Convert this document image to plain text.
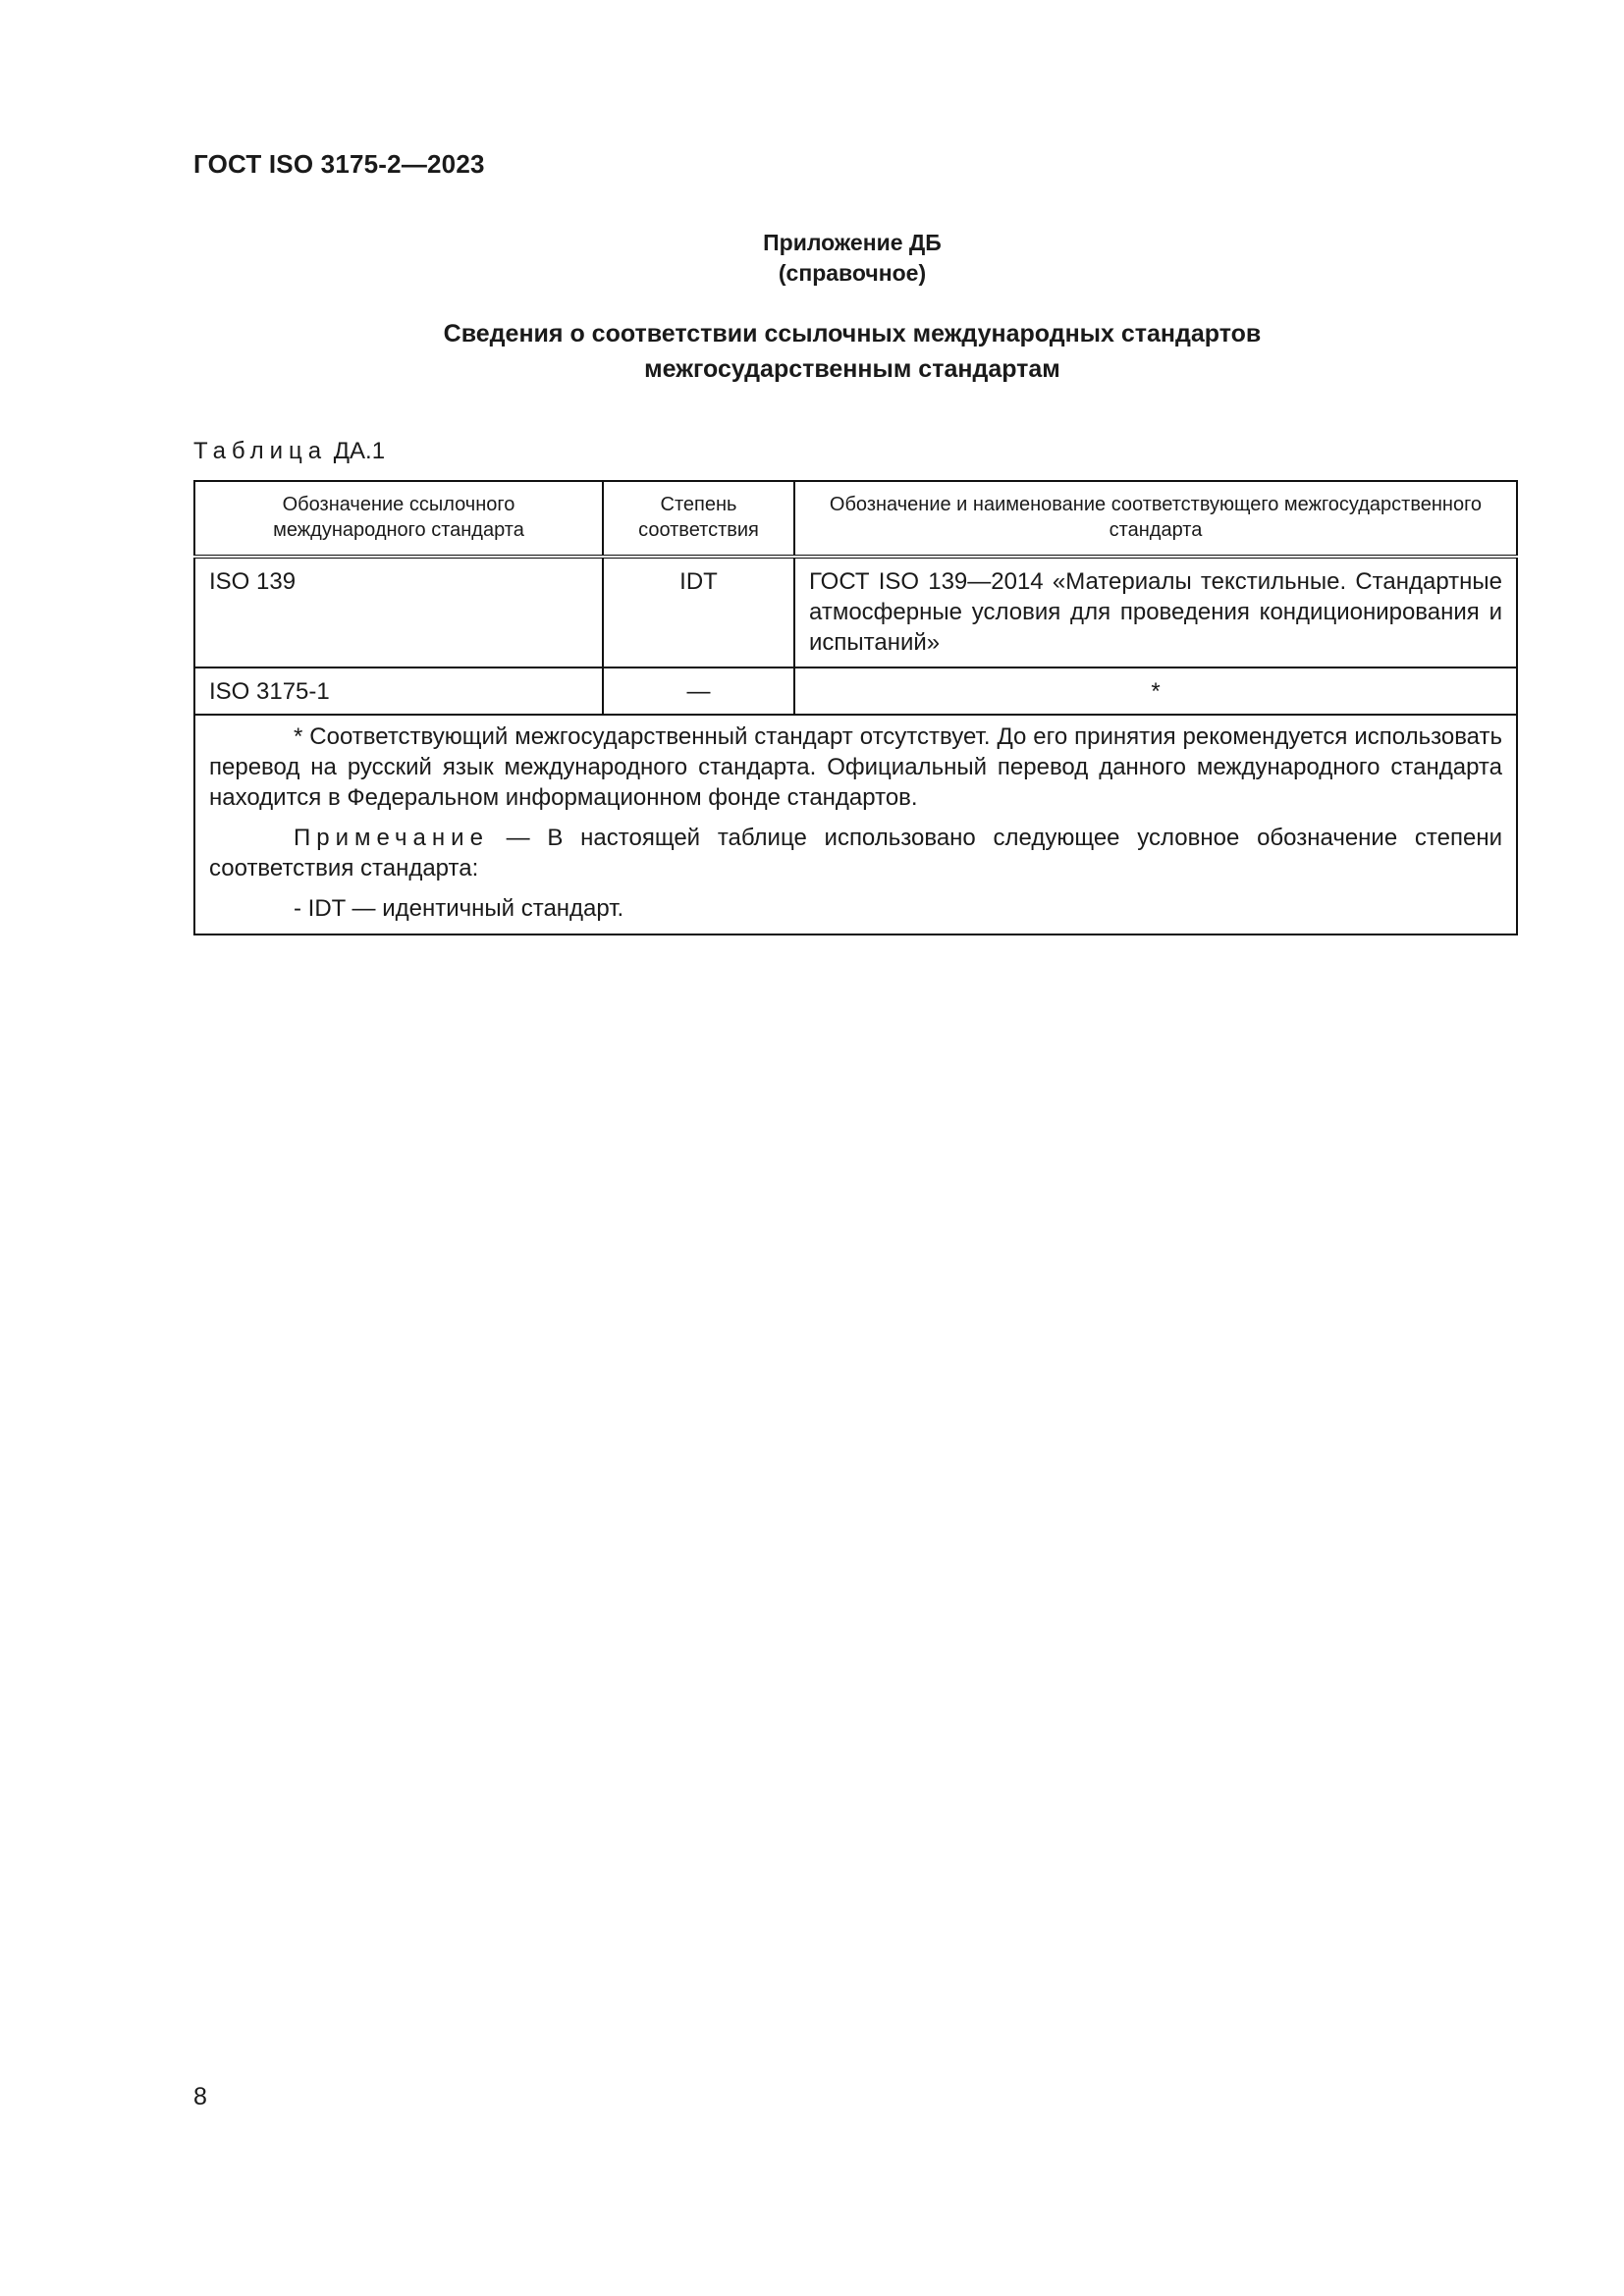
ГОСТ ISO 3175-2—2023
Приложение ДБ
(справочное)
Сведения о соответствии ссылочных международных стандартов
межгосударственным стандартам
Таблица ДА.1
Обозначение ссылочного международного стандарта	Степень соответствия	Обозначение и наименование соответствующего межгосударственного стандарта
ISO 139	IDT	ГОСТ ISO 139—2014 «Материалы текстильные. Стандартные атмосферные условия для проведения кондиционирования и испытаний»
ISO 3175-1	—	*

* Соответствующий межгосударственный стандарт отсутствует. До его принятия рекомендуется использовать перевод на русский язык международного стандарта. Официальный перевод данного международного стандарта находится в Федеральном информационном фонде стандартов.

Примечание — В настоящей таблице использовано следующее условное обозначение степени соответствия стандарта:

- IDT — идентичный стандарт.		

8
